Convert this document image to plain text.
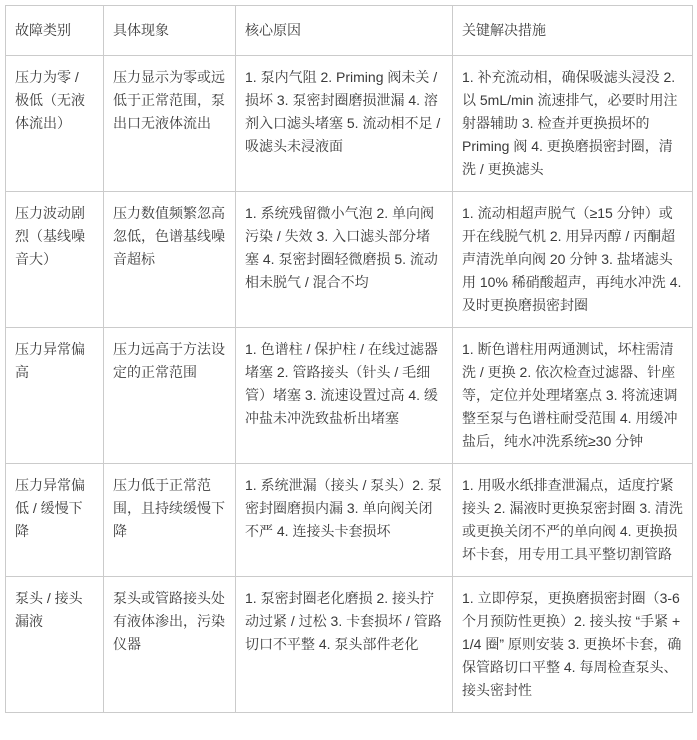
故障类别	具体现象	核心原因	关键解决措施
压力为零 / 极低（无液体流出）	压力显示为零或远低于正常范围，泵出口无液体流出	1. 泵内气阻 2. Priming 阀未关 / 损坏 3. 泵密封圈磨损泄漏 4. 溶剂入口滤头堵塞 5. 流动相不足 / 吸滤头未浸液面	1. 补充流动相，确保吸滤头浸没 2. 以 5mL/min 流速排气，必要时用注射器辅助 3. 检查并更换损坏的 Priming 阀 4. 更换磨损密封圈，清洗 / 更换滤头
压力波动剧烈（基线噪音大）	压力数值频繁忽高忽低，色谱基线噪音超标	1. 系统残留微小气泡 2. 单向阀污染 / 失效 3. 入口滤头部分堵塞 4. 泵密封圈轻微磨损 5. 流动相未脱气 / 混合不均	1. 流动相超声脱气（≥15 分钟）或开在线脱气机 2. 用异丙醇 / 丙酮超声清洗单向阀 20 分钟 3. 盐堵滤头用 10% 稀硝酸超声，再纯水冲洗 4. 及时更换磨损密封圈
压力异常偏高	压力远高于方法设定的正常范围	1. 色谱柱 / 保护柱 / 在线过滤器堵塞 2. 管路接头（针头 / 毛细管）堵塞 3. 流速设置过高 4. 缓冲盐未冲洗致盐析出堵塞	1. 断色谱柱用两通测试，坏柱需清洗 / 更换 2. 依次检查过滤器、针座等，定位并处理堵塞点 3. 将流速调整至泵与色谱柱耐受范围 4. 用缓冲盐后，纯水冲洗系统≥30 分钟
压力异常偏低 / 缓慢下降	压力低于正常范围，且持续缓慢下降	1. 系统泄漏（接头 / 泵头）2. 泵密封圈磨损内漏 3. 单向阀关闭不严 4. 连接头卡套损坏	1. 用吸水纸排查泄漏点，适度拧紧接头 2. 漏液时更换泵密封圈 3. 清洗或更换关闭不严的单向阀 4. 更换损坏卡套，用专用工具平整切割管路
泵头 / 接头漏液	泵头或管路接头处有液体渗出，污染仪器	1. 泵密封圈老化磨损 2. 接头拧动过紧 / 过松 3. 卡套损坏 / 管路切口不平整 4. 泵头部件老化	1. 立即停泵，更换磨损密封圈（3-6 个月预防性更换）2. 接头按 “手紧 + 1/4 圈” 原则安装 3. 更换坏卡套，确保管路切口平整 4. 每周检查泵头、接头密封性
